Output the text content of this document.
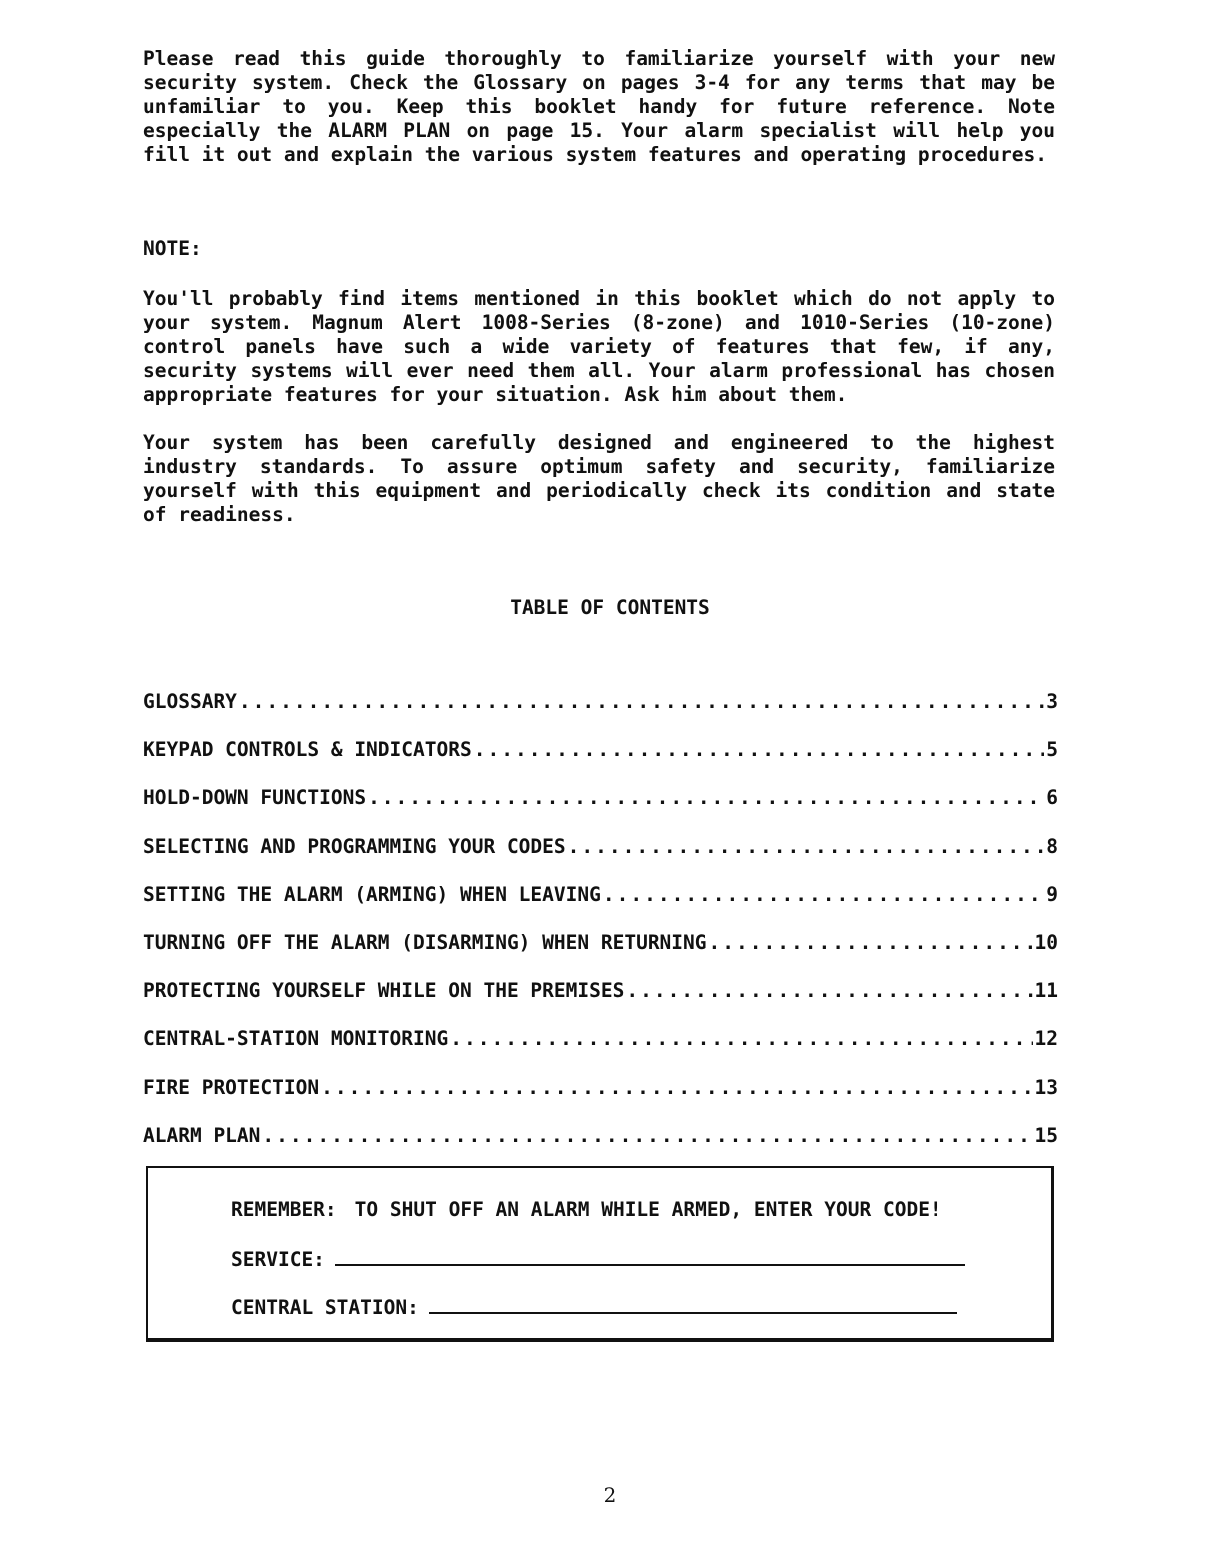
Please read this guide thoroughly to familiarize yourself with your new security system. Check the Glossary on pages 3-4 for any terms that may be unfamiliar to you. Keep this booklet handy for future reference. Note especially the ALARM PLAN on page 15. Your alarm specialist will help you fill it out and explain the various system features and operating procedures.

NOTE:

You'll probably find items mentioned in this booklet which do not apply to your system. Magnum Alert 1008-Series (8-zone) and 1010-Series (10-zone) control panels have such a wide variety of features that few, if any, security systems will ever need them all. Your alarm professional has chosen appropriate features for your situation. Ask him about them.

Your system has been carefully designed and engineered to the highest industry standards. To assure optimum safety and security, familiarize yourself with this equipment and periodically check its condition and state of readiness.

TABLE OF CONTENTS

GLOSSARY .....	3
KEYPAD CONTROLS & INDICATORS .....	5
HOLD-DOWN FUNCTIONS .....	6
SELECTING AND PROGRAMMING YOUR CODES .....	8
SETTING THE ALARM (ARMING) WHEN LEAVING .....	9
TURNING OFF THE ALARM (DISARMING) WHEN RETURNING .....	10
PROTECTING YOURSELF WHILE ON THE PREMISES .....	11
CENTRAL-STATION MONITORING .....	12
FIRE PROTECTION .....	13
ALARM PLAN .....	15

REMEMBER: TO SHUT OFF AN ALARM WHILE ARMED, ENTER YOUR CODE!

SERVICE:

CENTRAL STATION:

2
